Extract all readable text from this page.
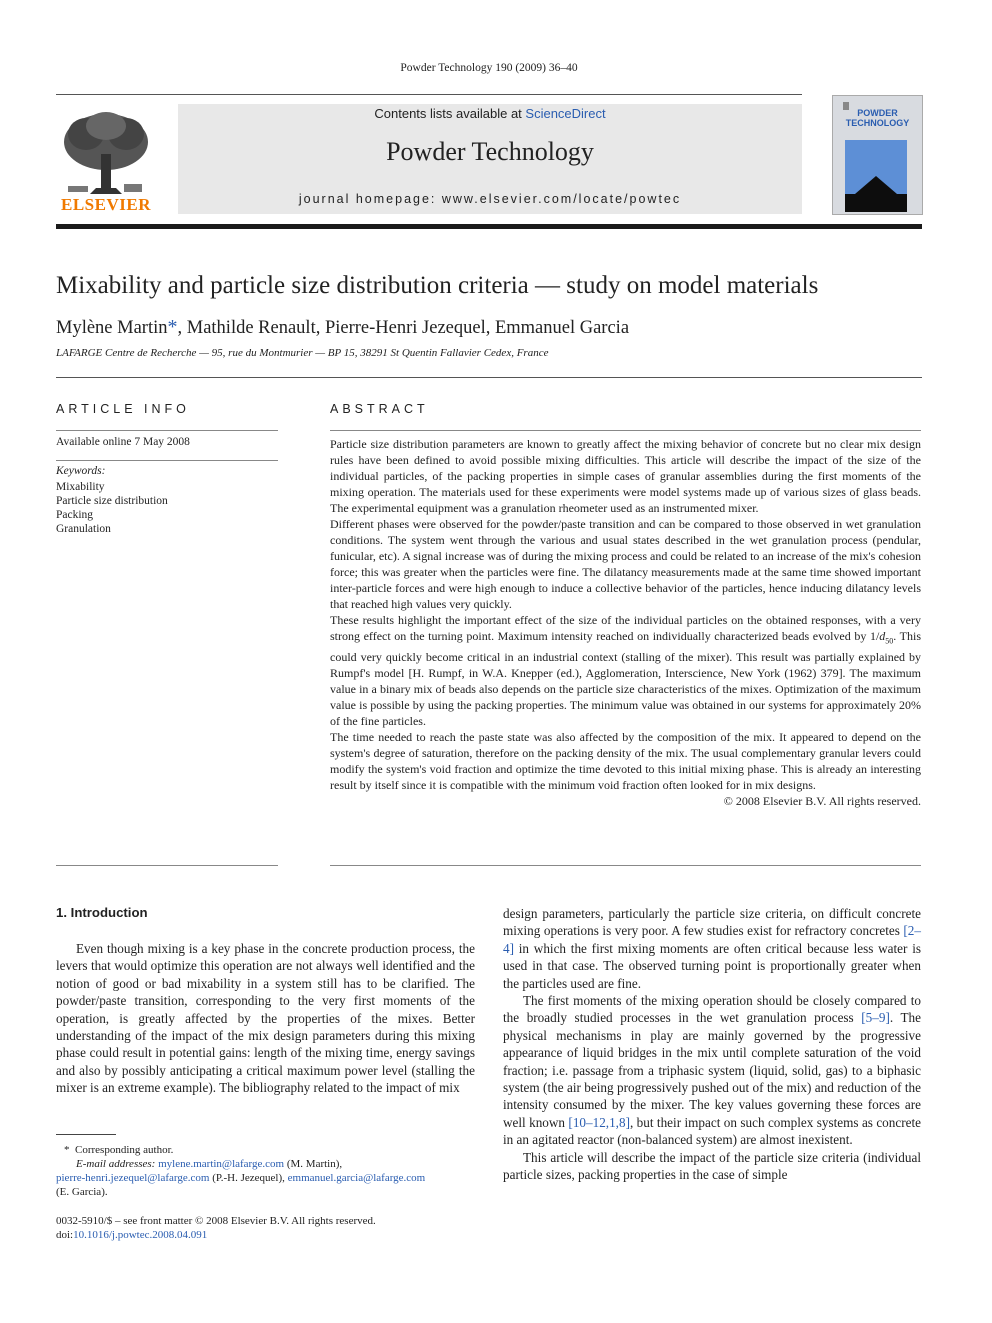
Powder Technology 190 (2009) 36–40
Contents lists available at ScienceDirect
Powder Technology
journal homepage: www.elsevier.com/locate/powtec
ELSEVIER
POWDER
TECHNOLOGY
Mixability and particle size distribution criteria — study on model materials
Mylène Martin*, Mathilde Renault, Pierre-Henri Jezequel, Emmanuel Garcia
LAFARGE Centre de Recherche — 95, rue du Montmurier — BP 15, 38291 St Quentin Fallavier Cedex, France
ARTICLE INFO
Available online 7 May 2008
Keywords:
Mixability
Particle size distribution
Packing
Granulation
ABSTRACT

Particle size distribution parameters are known to greatly affect the mixing behavior of concrete but no clear mix design rules have been defined to avoid possible mixing difficulties. This article will describe the impact of the size of the individual particles, of the packing properties in simple cases of granular assemblies during the first moments of the mixing operation. The materials used for these experiments were model systems made up of various sizes of glass beads. The experimental equipment was a granulation rheometer used as an instrumented mixer.

Different phases were observed for the powder/paste transition and can be compared to those observed in wet granulation conditions. The system went through the various and usual states described in the wet granulation process (pendular, funicular, etc). A signal increase was of during the mixing process and could be related to an increase of the mix's cohesion force; this was greater when the particles were fine. The dilatancy measurements made at the same time showed important inter-particle forces and were high enough to induce a collective behavior of the particles, hence inducing dilatancy levels that reached high values very quickly.

These results highlight the important effect of the size of the individual particles on the obtained responses, with a very strong effect on the turning point. Maximum intensity reached on individually characterized beads evolved by $1/d_{50}$. This could very quickly become critical in an industrial context (stalling of the mixer). This result was partially explained by Rumpf's model [H. Rumpf, in W.A. Knepper (ed.), Agglomeration, Interscience, New York (1962) 379]. The maximum value in a binary mix of beads also depends on the particle size characteristics of the mixes. Optimization of the maximum value is possible by using the packing properties. The minimum value was obtained in our systems for approximately 20% of the fine particles.

The time needed to reach the paste state was also affected by the composition of the mix. It appeared to depend on the system's degree of saturation, therefore on the packing density of the mix. The usual complementary granular levers could modify the system's void fraction and optimize the time devoted to this initial mixing phase. This is already an interesting result by itself since it is compatible with the minimum void fraction often looked for in mix designs.

© 2008 Elsevier B.V. All rights reserved.

1. Introduction

Even though mixing is a key phase in the concrete production process, the levers that would optimize this operation are not always well identified and the notion of good or bad mixability in a system still has to be clarified. The powder/paste transition, corresponding to the very first moments of the operation, is greatly affected by the properties of the mixes. Better understanding of the impact of the mix design parameters during this mixing phase could result in potential gains: length of the mixing time, energy savings and also by possibly anticipating a critical maximum power level (stalling the mixer is an extreme example). The bibliography related to the impact of mix

design parameters, particularly the particle size criteria, on difficult concrete mixing operations is very poor. A few studies exist for refractory concretes [2–4] in which the first mixing moments are often critical because less water is used in that case. The observed turning point is proportionally greater when the particles used are fine.

The first moments of the mixing operation should be closely compared to the broadly studied processes in the wet granulation process [5–9]. The physical mechanisms in play are mainly governed by the progressive appearance of liquid bridges in the mix until complete saturation of the void fraction; i.e. passage from a triphasic system (liquid, solid, gas) to a biphasic system (the air being progressively pushed out of the mix) and reduction of the intensity consumed by the mixer. The key values governing these forces are well known [10–12,1,8], but their impact on such complex systems as concrete in an agitated reactor (non-balanced system) are almost inexistent.

This article will describe the impact of the particle size criteria (individual particle sizes, packing properties in the case of simple

* Corresponding author.
E-mail addresses: mylene.martin@lafarge.com (M. Martin),
pierre-henri.jezequel@lafarge.com (P.-H. Jezequel), emmanuel.garcia@lafarge.com
(E. Garcia).
0032-5910/$ – see front matter © 2008 Elsevier B.V. All rights reserved.
doi:10.1016/j.powtec.2008.04.091
